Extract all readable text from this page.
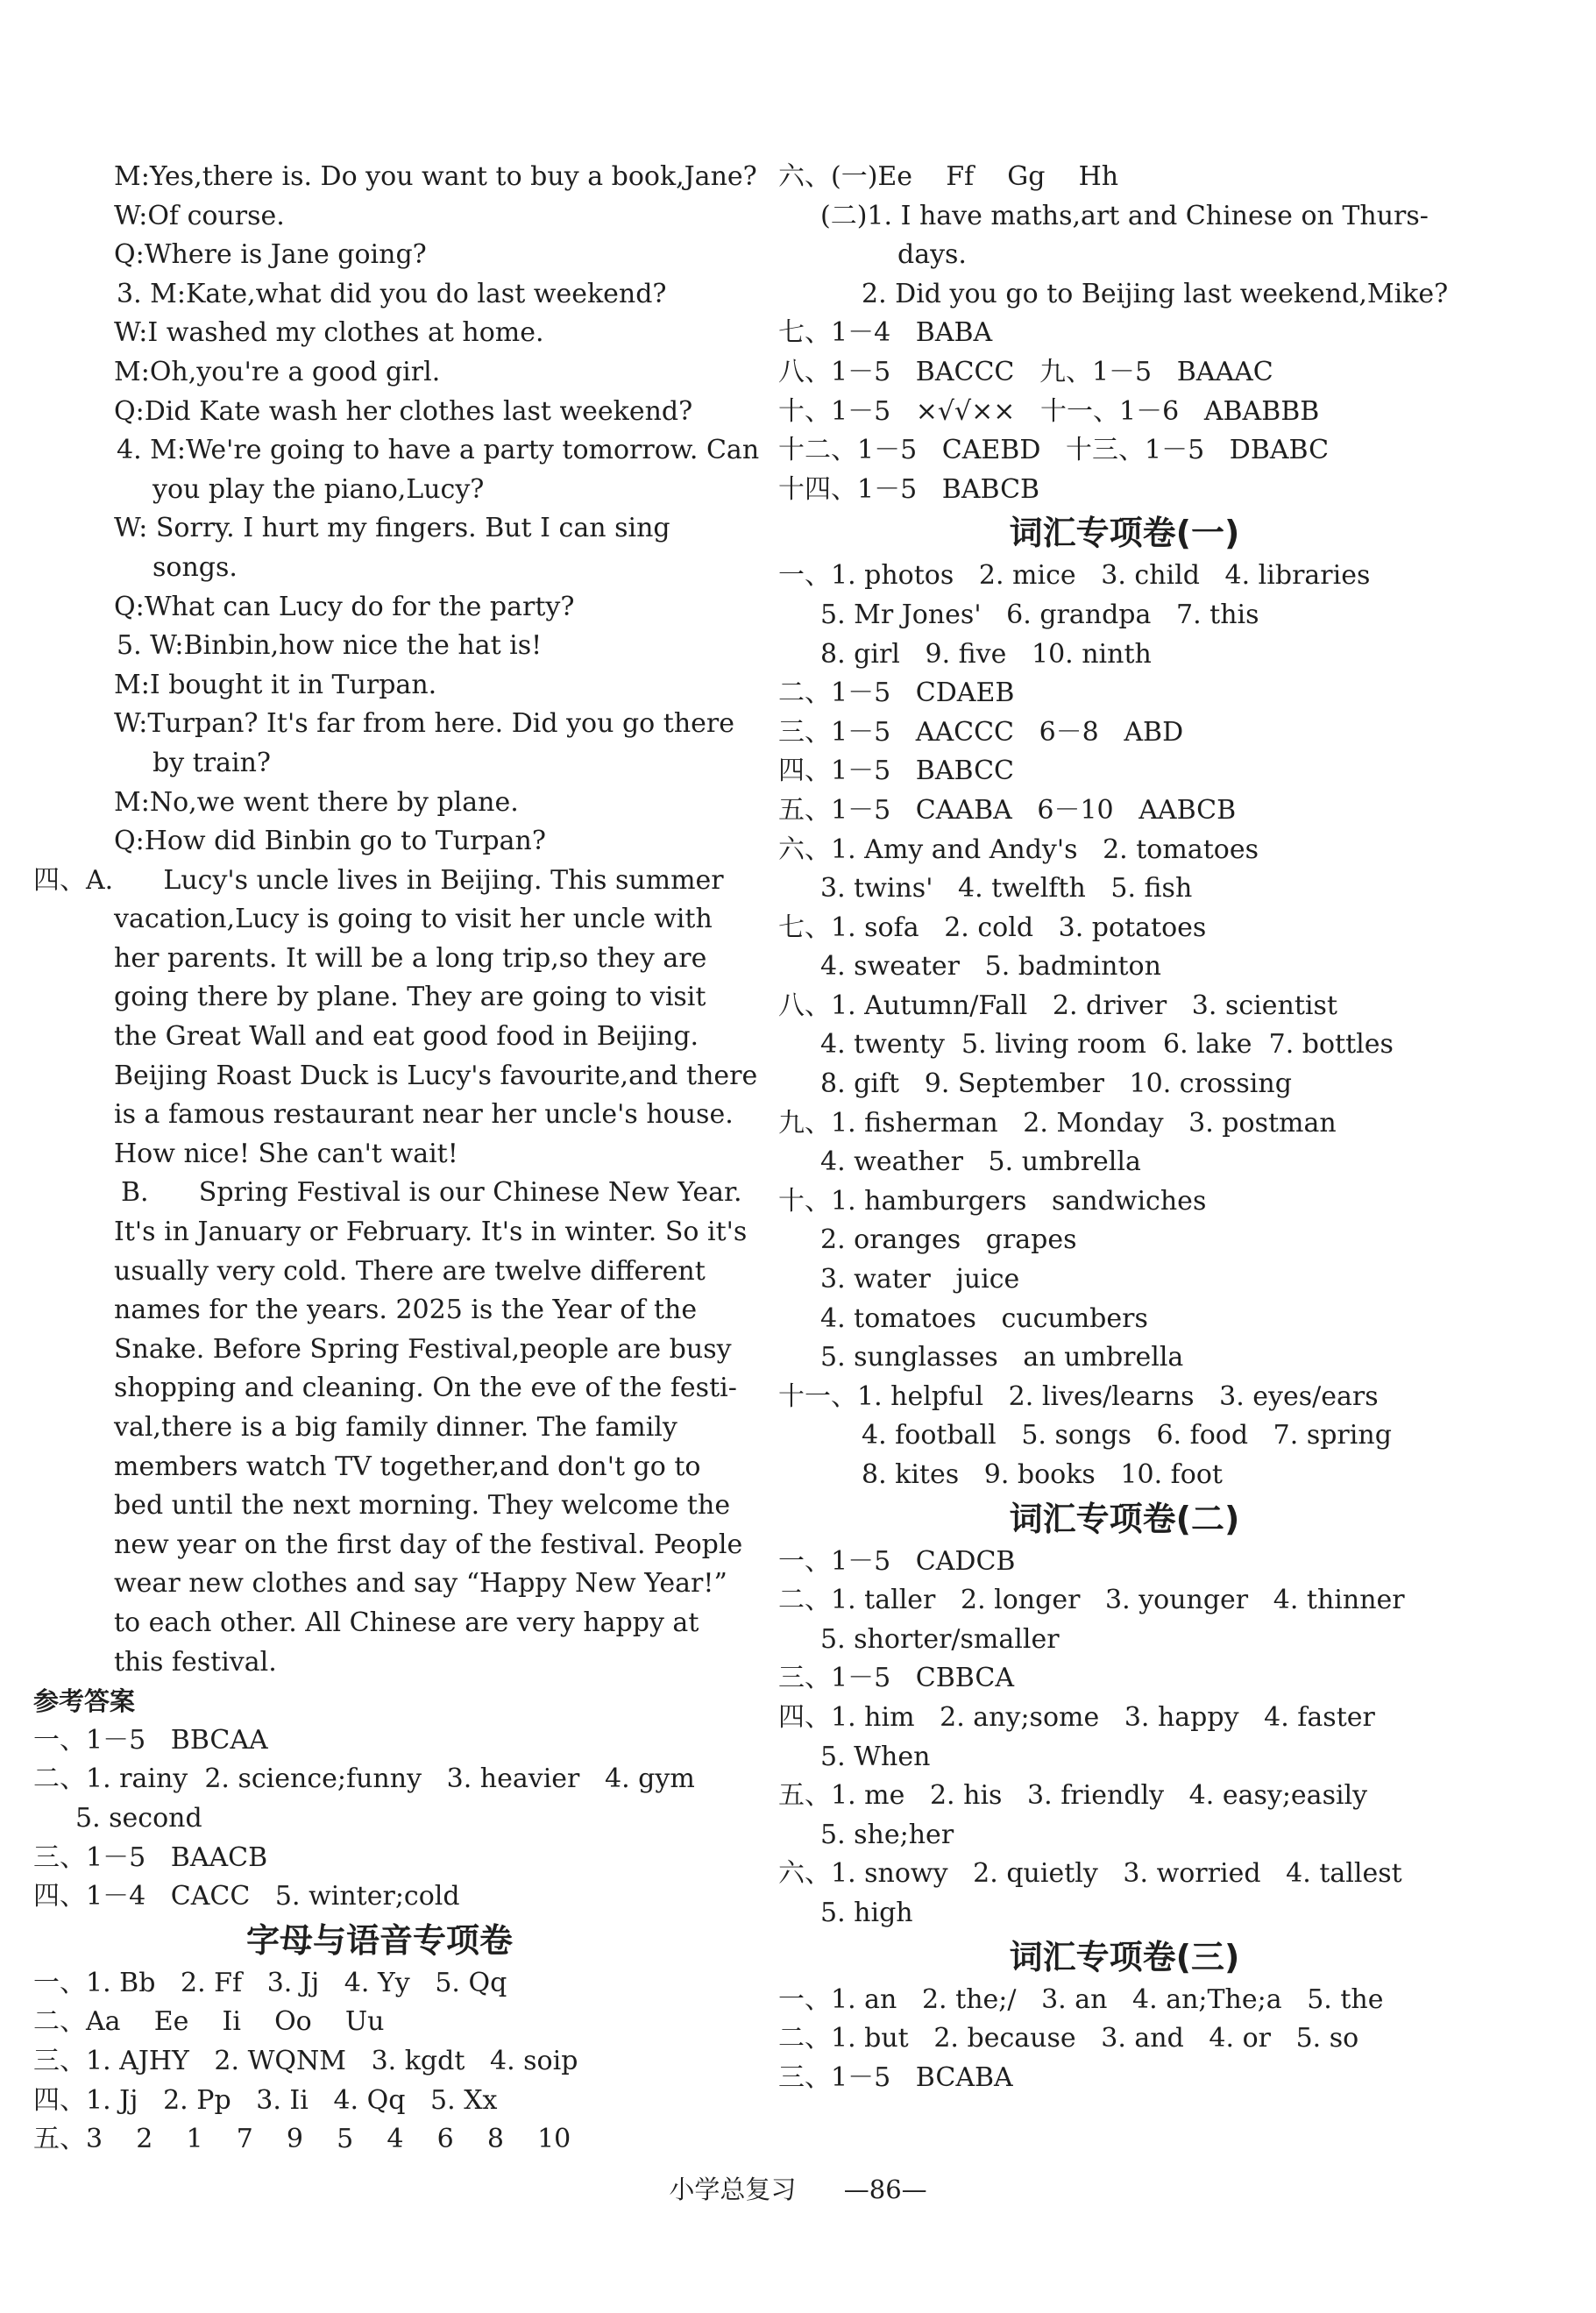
M:Yes,there is. Do you want to buy a book,Jane?
W:Of course.
Q:Where is Jane going?
3. M:Kate,what did you do last weekend?
W:I washed my clothes at home.
M:Oh,you're a good girl.
Q:Did Kate wash her clothes last weekend?
4. M:We're going to have a party tomorrow. Can
you play the piano,Lucy?
W: Sorry. I hurt my fingers. But I can sing
songs.
Q:What can Lucy do for the party?
5. W:Binbin,how nice the hat is!
M:I bought it in Turpan.
W:Turpan? It's far from here. Did you go there
by train?
M:No,we went there by plane.
Q:How did Binbin go to Turpan?
四、A.      Lucy's uncle lives in Beijing. This summer
vacation,Lucy is going to visit her uncle with
her parents. It will be a long trip,so they are
going there by plane. They are going to visit
the Great Wall and eat good food in Beijing.
Beijing Roast Duck is Lucy's favourite,and there
is a famous restaurant near her uncle's house.
How nice! She can't wait!
B.      Spring Festival is our Chinese New Year.
It's in January or February. It's in winter. So it's
usually very cold. There are twelve different
names for the years. 2025 is the Year of the
Snake. Before Spring Festival,people are busy
shopping and cleaning. On the eve of the festi-
val,there is a big family dinner. The family
members watch TV together,and don't go to
bed until the next morning. They welcome the
new year on the first day of the festival. People
wear new clothes and say “Happy New Year!”
to each other. All Chinese are very happy at
this festival.
参考答案
一、1－5   BBCAA
二、1. rainy  2. science;funny   3. heavier   4. gym
5. second
三、1－5   BAACB
四、1－4   CACC   5. winter;cold
字母与语音专项卷
一、1. Bb   2. Ff   3. Jj   4. Yy   5. Qq
二、Aa    Ee    Ii    Oo    Uu
三、1. AJHY   2. WQNM   3. kgdt   4. soip
四、1. Jj   2. Pp   3. Ii   4. Qq   5. Xx
五、3    2    1    7    9    5    4    6    8    10
六、(一)Ee    Ff    Gg    Hh
(二)1. I have maths,art and Chinese on Thurs-
days.
2. Did you go to Beijing last weekend,Mike?
七、1－4   BABA
八、1－5   BACCC   九、1－5   BAAAC
十、1－5   ×√√××   十一、1－6   ABABBB
十二、1－5   CAEBD   十三、1－5   DBABC
十四、1－5   BABCB
词汇专项卷(一)
一、1. photos   2. mice   3. child   4. libraries
5. Mr Jones'   6. grandpa   7. this
8. girl   9. five   10. ninth
二、1－5   CDAEB
三、1－5   AACCC   6－8   ABD
四、1－5   BABCC
五、1－5   CAABA   6－10   AABCB
六、1. Amy and Andy's   2. tomatoes
3. twins'   4. twelfth   5. fish
七、1. sofa   2. cold   3. potatoes
4. sweater   5. badminton
八、1. Autumn/Fall   2. driver   3. scientist
4. twenty  5. living room  6. lake  7. bottles
8. gift   9. September   10. crossing
九、1. fisherman   2. Monday   3. postman
4. weather   5. umbrella
十、1. hamburgers   sandwiches
2. oranges   grapes
3. water   juice
4. tomatoes   cucumbers
5. sunglasses   an umbrella
十一、1. helpful   2. lives/learns   3. eyes/ears
4. football   5. songs   6. food   7. spring
8. kites   9. books   10. foot
词汇专项卷(二)
一、1－5   CADCB
二、1. taller   2. longer   3. younger   4. thinner
5. shorter/smaller
三、1－5   CBBCA
四、1. him   2. any;some   3. happy   4. faster
5. When
五、1. me   2. his   3. friendly   4. easy;easily
5. she;her
六、1. snowy   2. quietly   3. worried   4. tallest
5. high
词汇专项卷(三)
一、1. an   2. the;/   3. an   4. an;The;a   5. the
二、1. but   2. because   3. and   4. or   5. so
三、1－5   BCABA
小学总复习 —86—
